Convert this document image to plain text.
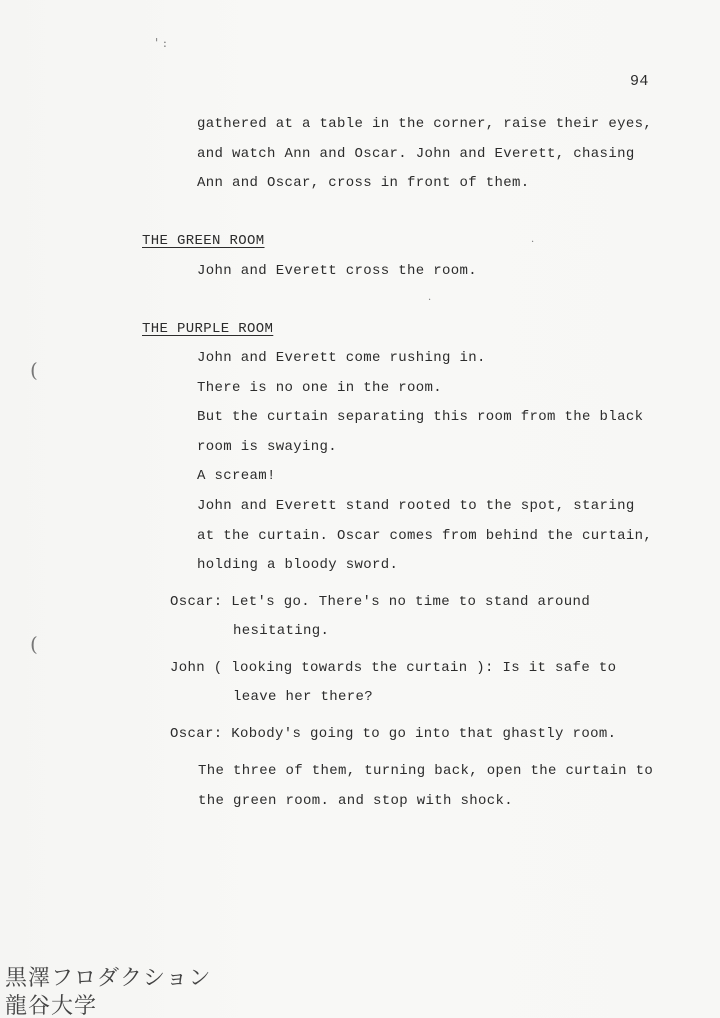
' :
(
(
.
.
94
gathered at a table in the corner, raise their eyes,
and watch Ann and Oscar. John and Everett, chasing
Ann and Oscar, cross in front of them.
THE GREEN ROOM
John and Everett cross the room.
THE PURPLE ROOM
John and Everett come rushing in.
There is no one in the room.
But the curtain separating this room from the black
room is swaying.
A scream!
John and Everett stand rooted to the spot, staring
at the curtain. Oscar comes from behind the curtain,
holding a bloody sword.
Oscar: Let's go. There's no time to stand around
hesitating.
John ( looking towards the curtain ): Is it safe to
leave her there?
Oscar: Kobody's going to go into that ghastly room.
The three of them, turning back, open the curtain to
the green room. and stop with shock.
黒澤フロダクション
龍谷大学
